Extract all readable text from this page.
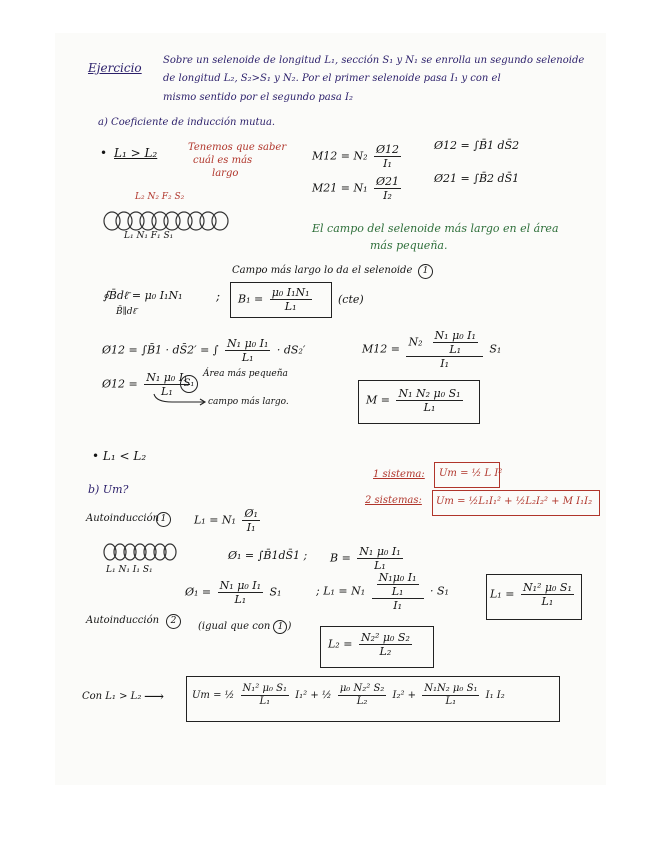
Ejercicio
Sobre un selenoide de longitud L₁, sección S₁ y N₁ se enrolla un segundo selenoide
de longitud L₂, S₂>S₁ y N₂. Por el primer selenoide pasa I₁ y con el
mismo sentido por el segundo pasa I₂
a) Coeficiente de inducción mutua.
• L₁ > L₂	Tenemos que saber
cuál es más
largo
$M12 = N_2 \frac{Ø12}{\text{I₁}}$	Ø12 = ∫B̄1 dS̄2
$M21 = N_1 \frac{Ø21}{\text{I₂}}$	Ø21 = ∫B̄2 dS̄1
L₂ N₂ F₂ S₂
L₁ N₁ F₁ S₁
El campo del selenoide más largo en el área
más pequeña.
Campo más largo lo da el selenoide	1
∮B̄dℓ̄ = μ₀ I₁N₁
B̄∥dℓ̄
; $B_1 = \frac{\text{μ₀ I₁N₁}}{\text{L₁}} (cte)$
Ø12 = ∫B̄1 · dS̄2′ = ∫ $\frac{\text{N₁ μ₀ I₁}}{\text{L₁}} \cdot dS_2'$	$M12 = \frac{N_2 \frac{\text{N₁ μ₀ I₁}}{\text{L₁}}}{\text{I₁}} S_1$
Ø12 = $\frac{\text{N₁ μ₀ I₁}}{\text{L₁}}$
S₁
Área más pequeña
campo más largo.	$M = \frac{\text{N₁ N₂ μ₀ S₁}}{\text{L₁}}$
• L₁ < L₂
b) Um?
1 sistema: Um = ½ L I²
2 sistemas: Um = ½L₁I₁² + ½L₂I₂² + M I₁I₂
Autoinducción 1	$L_1 = N_1 \frac{\text{Ø₁}}{\text{I₁}}$
L₁ N₁ I₁ S₁
Ø₁ = ∫B̄1dS̄1 ; $B = \frac{\text{N₁ μ₀ I₁}}{\text{L₁}}$
Ø₁ = $\frac{\text{N₁ μ₀ I₁}}{\text{L₁}} S_1$	; $L_1 = N_1 \frac{\frac{\text{N₁μ₀ I₁}}{\text{L₁}}}{\text{I₁}} \cdot S_1$	$L_1 = \frac{\text{N₁² μ₀ S₁}}{\text{L₁}}$
Autoinducción	2	(igual que con 1 )
$L_2 = \frac{\text{N₂² μ₀ S₂}}{\text{L₂}}$
Con L₁ > L₂ ⟶	Um = ½ $\frac{\text{N₁² μ₀ S₁}}{\text{L₁}} I_1^2$ + ½ $\frac{\text{μ₀ N₂² S₂}}{\text{L₂}} I_2^2 + \frac{\text{N₁N₂ μ₀ S₁}}{\text{L₁}} I_1$ I₂
